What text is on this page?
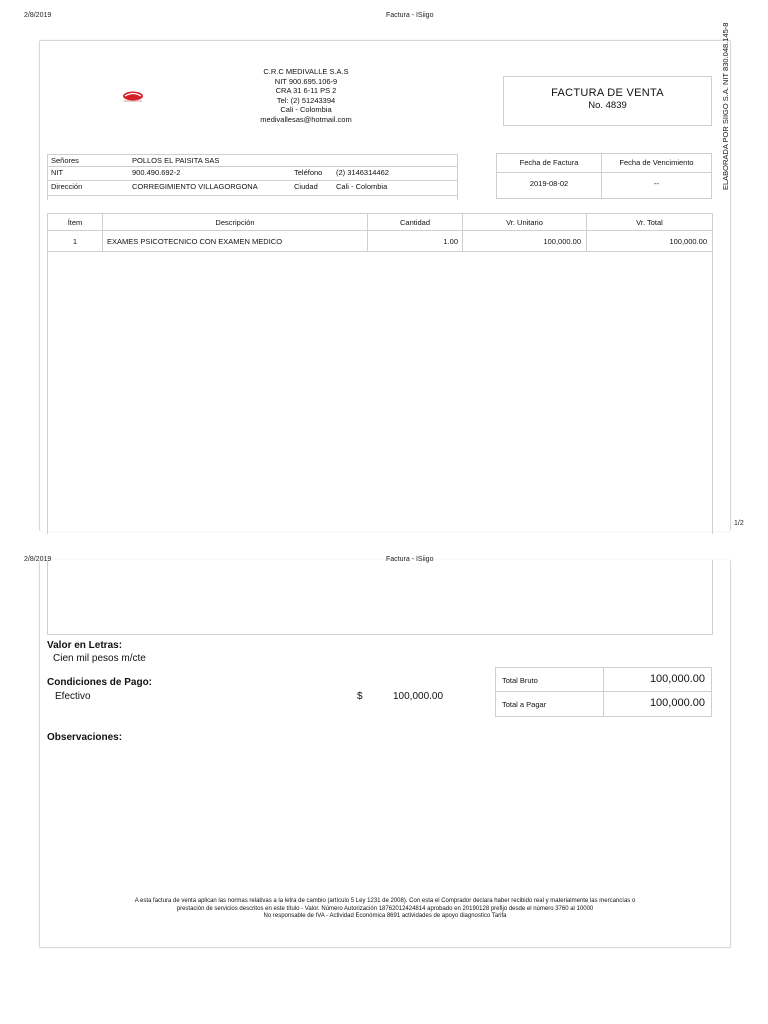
2/8/2019	Factura - ISiigo
C.R.C MEDIVALLE S.A.S
NIT 900.695.106-9
CRA 31 6-11 PS 2
Tel: (2) 51243394
Cali - Colombia
medivallesas@hotmail.com
FACTURA DE VENTA
No. 4839
Señores	POLLOS EL PAISITA SAS
NIT	900.490.692-2	Teléfono (2) 3146314462
Dirección	CORREGIMIENTO VILLAGORGONA	Ciudad Cali - Colombia
Fecha de Factura	Fecha de Vencimiento
2019-08-02	--
Ítem	Descripción	Cantidad	Vr. Unitario	Vr. Total
1	EXAMES PSICOTECNICO CON EXAMEN MEDICO	1.00	100,000.00	100,000.00
ELABORADA POR SIIGO S.A. NIT 830.048.145-8
1/2
2/8/2019	Factura - ISiigo
Valor en Letras:
Cien mil pesos m/cte
Condiciones de Pago:
Efectivo	$	100,000.00
Total Bruto	100,000.00
Total a Pagar	100,000.00
Observaciones:
A esta factura de venta aplican las normas relativas a la letra de cambio (artículo 5 Ley 1231 de 2008). Con esta el Comprador declara haber recibido real y materialmente las mercancías o
prestación de servicios descritos en este título - Valor. Número Autorización 18762012424814 aprobado en 20190128 prefijo desde el número 3760 al 10000
No responsable de IVA - Actividad Económica 8691 actividades de apoyo diagnostico Tarifa
